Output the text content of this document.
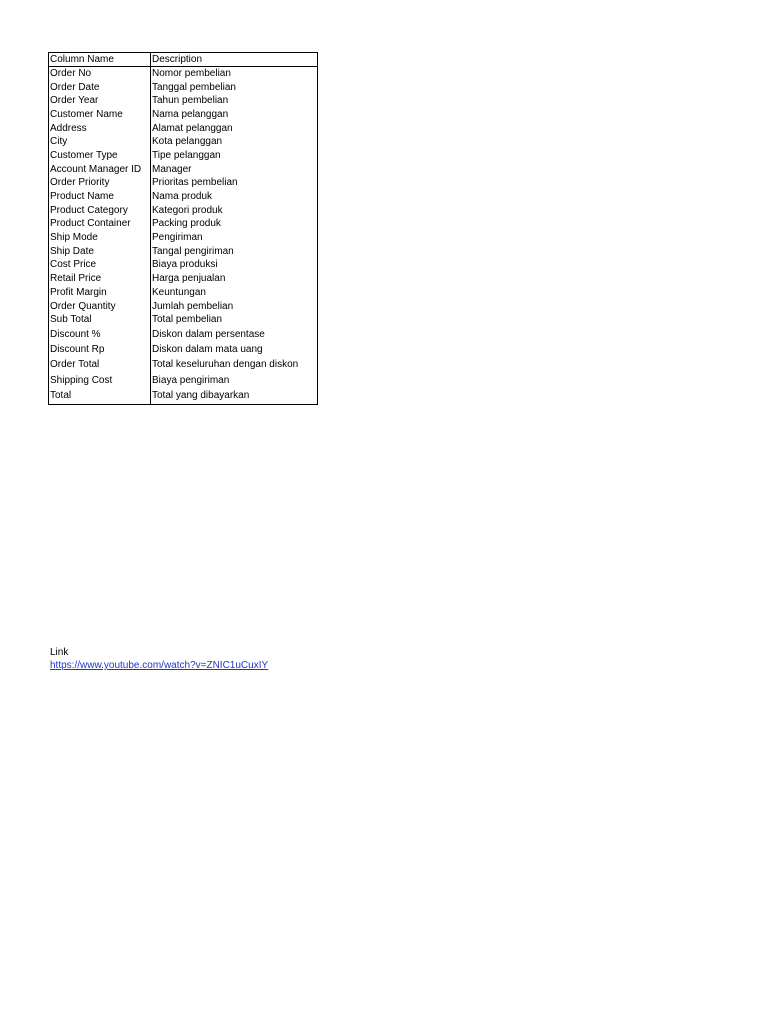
Column Name	Description
Order No	Nomor pembelian
Order Date	Tanggal pembelian
Order Year	Tahun pembelian
Customer Name	Nama pelanggan
Address	Alamat pelanggan
City	Kota pelanggan
Customer Type	Tipe pelanggan
Account Manager ID	Manager
Order Priority	Prioritas pembelian
Product Name	Nama produk
Product Category	Kategori produk
Product Container	Packing produk
Ship Mode	Pengiriman
Ship Date	Tangal pengiriman
Cost Price	Biaya produksi
Retail Price	Harga penjualan
Profit Margin	Keuntungan
Order Quantity	Jumlah pembelian
Sub Total	Total pembelian
Discount %	Diskon dalam persentase
Discount Rp	Diskon dalam mata uang
Order Total	Total keseluruhan dengan diskon
Shipping Cost	Biaya pengiriman
Total	Total yang dibayarkan
Link
https://www.youtube.com/watch?v=ZNIC1uCuxIY
